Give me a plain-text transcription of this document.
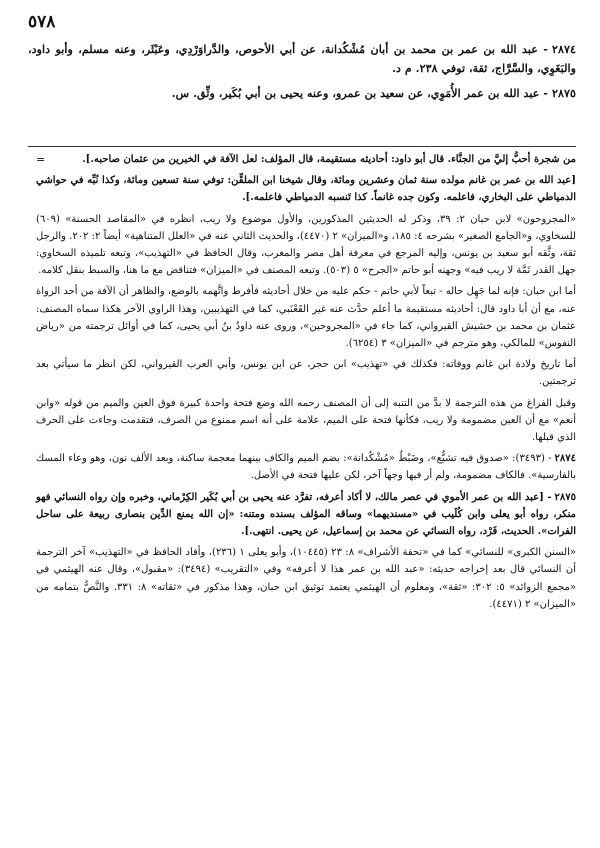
٥٧٨

٢٨٧٤- عبد الله بن عمر بن محمد بن أبان مُشْكُدانة، عن أبي الأحوص، والدَّراوَرْدِي، وعَبْثَر، وعنه مسلم، وأبو داود، والبَغَوِي، والسَّرَّاج، ثقة، توفي ٢٣٨. م د.

٢٨٧٥- عبد الله بن عمر الأُمَوِي، عن سعيد بن عمرو، وعنه يحيى بن أبي بُكَير، وثِّق. س.

=	من شجرة أحبُّ إليَّ من الجنَّاء. قال أبو داود: أحاديثه مستقيمة، قال المؤلف: لعل الآفة في الخبرين من عثمان صاحبه.].

[عبد الله بن عمر بن غانم مولده سنة ثمان وعشرين ومائة، وقال شيخنا ابن الملقِّن: توفي سنة تسعين ومائة، وكذا نُبِّه في حواشي الدمياطي على البخاري، فاعلمه. وكون جده غانماً. كذا تَنسبه الدمياطي فاعلمه.].

«المجروحون» لابن حبان ٢: ٣٩، وذكر له الحديثين المذكورين، والأول موضوع ولا ريب، انظره في «المقاصد الحسنة» (٦٠٩) للسخاوي، و«الجامع الصغير» بشرحه ٤: ١٨٥، و«الميزان» ٢ (٤٤٧٠)، والحديث الثاني عنه في «العلل المتناهية» أيضاً ٢: ٢٠٢. والرجل ثقة، وثَّقه أبو سعيد بن يونس، وإليه المرجع في معرفة أهل مصر والمغرب، وقال الحافظ في «التهذيب»، وتبعه تلميذه السخاوي: جهل القدر تَمَّة لا ريب فيه» وجهنه أبو حاتم «الجرح» ٥ (٥٠٣). وتبعه المصنف في «الميزان» فتناقض مع ما هنا، والسبط بنقل كلامه.

أما ابن حبان: فإنه لما جَهِل حاله - تبعاً لأبي حاتم - حكم عليه من خلال أحاديثه فأفرط واتَّهمه بالوضع، والظاهر أن الآفة من أحد الرواة عنه، مع أن أبا داود قال: أحاديثه مستقيمة ما أعلم حدَّث عنه غير القَعْنَبي، كما في التهذيبين، وهذا الراوي الآخر هكذا سماه المصنف: عثمان بن محمد بن خشيش القيرواني، كما جاء في «المجروحين»، وروى عنه داودُ بنُ أبي يحيى، كما في أوائل ترجمته من «رياض النفوس» للمالكي، وهو مترجم في «الميزان» ٣ (٦٢٥٤).

أما تاريخ ولادة ابن غانم ووفاته: فكذلك في «تهذيب» ابن حجر، عن ابن يونس، وأبي العرب القيرواني، لكن انظر ما سيأتي بعد ترجمتين.

وقبل الفراغ من هذه الترجمة لا بدَّ من التنبه إلى أن المصنف رحمه الله وضع فتحة واحدة كبيرة فوق العين والميم من قوله «وابن أنعم» مع أن العين مضمومة ولا ريب، فكأنها فتحة على الميم، علامة على أنه اسم ممنوع من الصرف، فتقدمت وجاءت على الحرف الذي قبلها.

٢٨٧٤- (٣٤٩٣): «صدوق فيه تشيُّع»، وضَبْطُ «مُشْكُدانة»: بضم الميم والكاف بينهما معجمة ساكنة، وبعد الألف نون، وهو وعاء المسك بالفارسية». فالكاف مضمومة، ولم أر فيها وجهاً آخر، لكن عليها فتحة في الأصل.

٢٨٧٥- [عبد الله بن عمر الأموي في عصر مالك، لا أكاد أعرفه، تفرَّد عنه يحيى بن أبي بُكَير الكِرْماني، وخبره وإن رواه النسائي فهو منكر، رواه أبو يعلى وابن كُلَيب في «مسنديهما» وساقه المؤلف بسنده ومتنه: «إن الله يمنع الدِّين بنصارى ربيعة على ساحل الفرات». الحديث، فَرْد، رواه النسائي عن محمد بن إسماعيل، عن يحيى. انتهى.].

«السنن الكبرى» للنسائي» كما في «تحفة الأشراف» ٨: ٢٣ (١٠٤٤٥)، وأبو يعلى ١ (٢٣٦)، وأفاد الحافظ في «التهذيب» آخر الترجمة أن النسائي قال بعد إخراجه حديثه: «عبد الله بن عمر هذا لا أعرفه» وفي «التقريب» (٣٤٩٤): «مقبول»، وقال عنه الهيثمي في «مجمع الزوائد» ٥: ٣٠٢: «ثقة»، ومعلوم أن الهيثمي يعتمد توثيق ابن حبان، وهذا مذكور في «ثقاته» ٨: ٣٣١. والنَّصُّ بتمامه من «الميزان» ٢ (٤٤٧١).
